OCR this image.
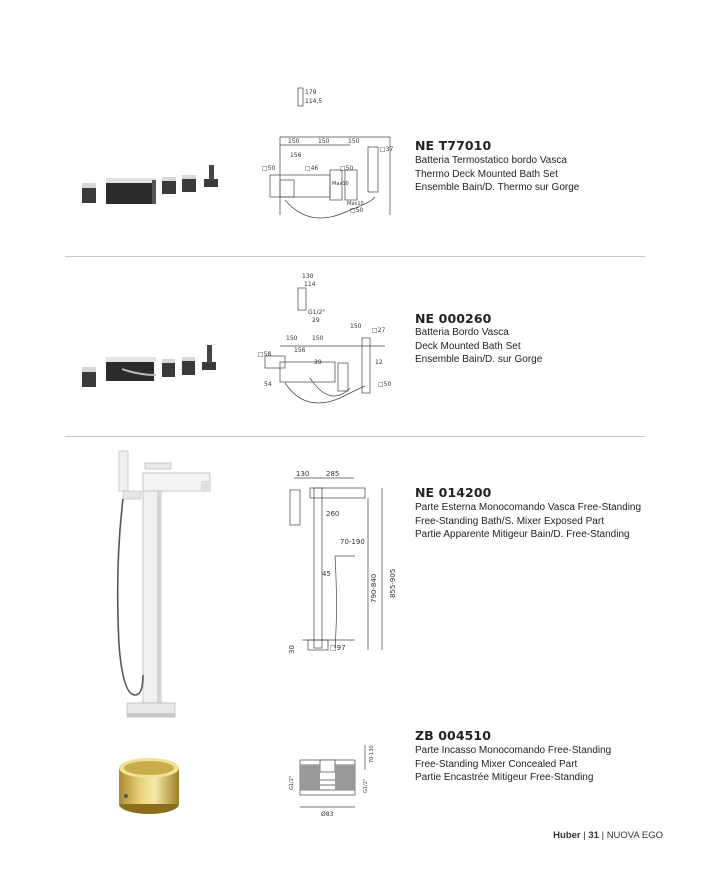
179
114,5
150	150	150
156
□50	□46	□50
□50
□37
Max10
Max10
NE T77010
Batteria Termostatico bordo Vasca
Thermo Deck Mounted Bath Set
Ensemble Bain/D. Thermo sur Gorge
130
114
G1/2"
29
150 150
150
156
□27
□58
54
39	12
□50
NE 000260
Batteria Bordo Vasca
Deck Mounted Bath Set
Ensemble Bain/D. sur Gorge
130 285
260
70-190
45	790-840 855-905
30	□97
NE 014200
Parte Esterna Monocomando Vasca Free-Standing
Free-Standing Bath/S. Mixer Exposed Part
Partie Apparente Mitigeur Bain/D. Free-Standing
70-130
G1/2"	G1/2"
Ø83
ZB 004510
Parte Incasso Monocomando Free-Standing
Free-Standing Mixer Concealed Part
Partie Encastrée Mitigeur Free-Standing
Huber | 31 | NUOVA EGO
